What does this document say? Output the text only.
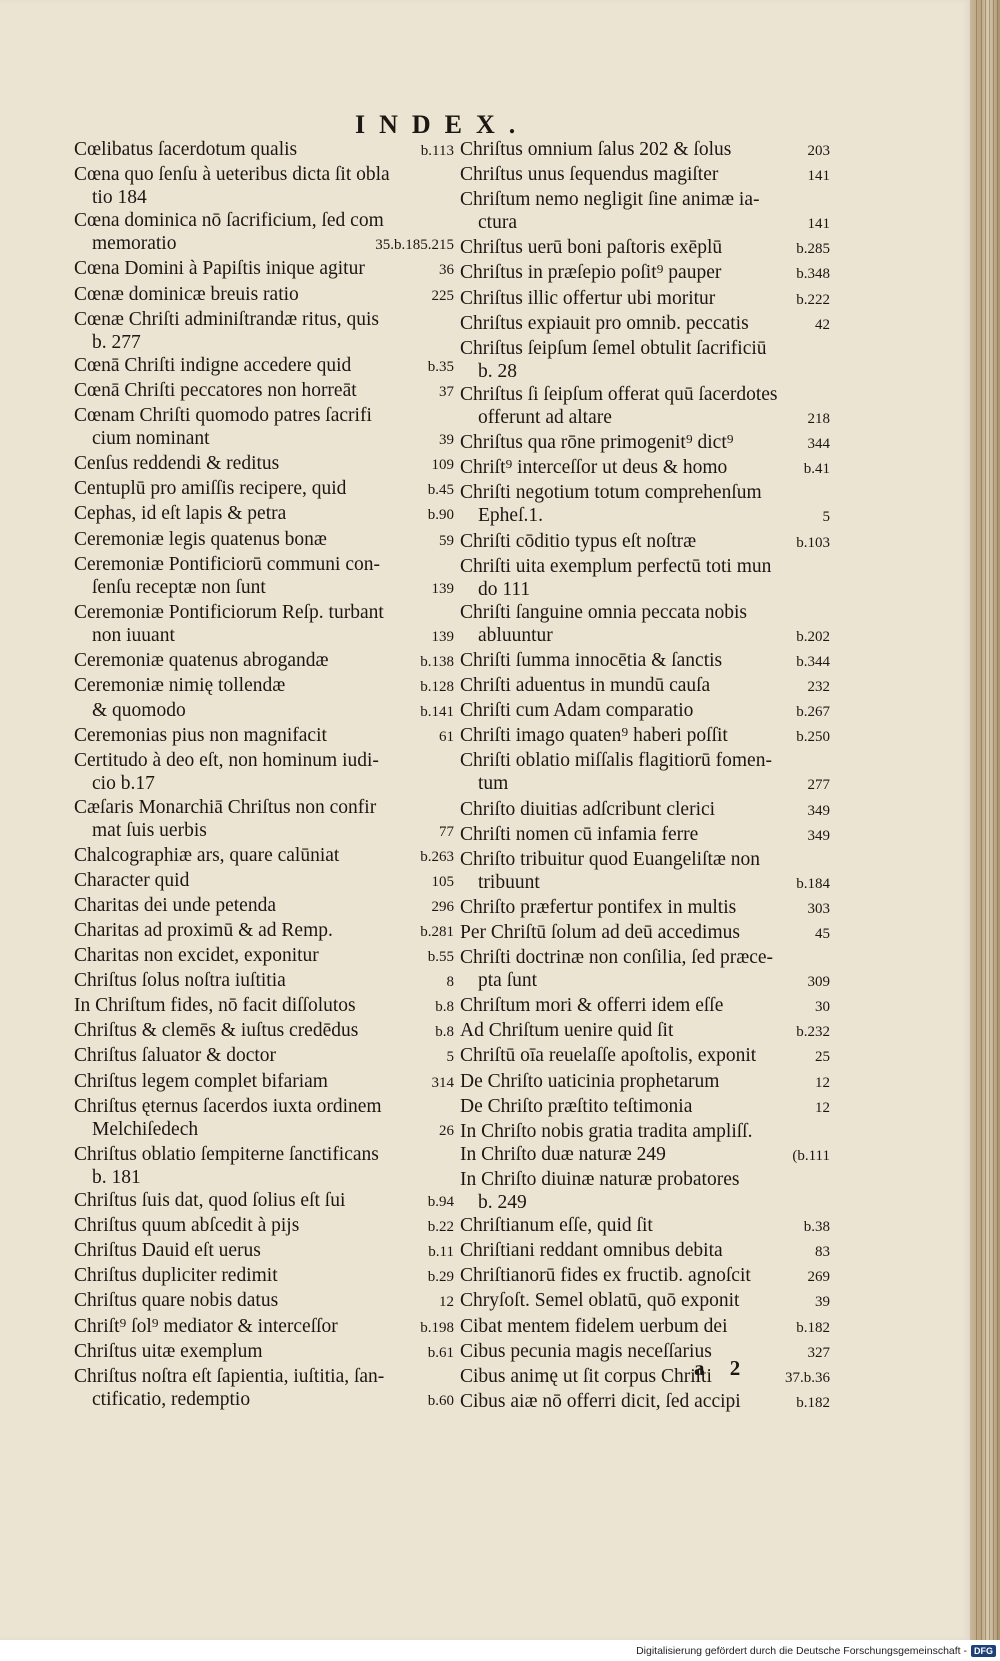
INDEX.
Cœlibatus ſacerdotum qualis	b.113
Cœna quo ſenſu à ueteribus dicta ſit obla
tio 184
Cœna dominica nō ſacrificium, ſed com
memoratio	35.b.185.215
Cœna Domini à Papiſtis inique agitur	36
Cœnæ dominicæ breuis ratio	225
Cœnæ Chriſti adminiſtrandæ ritus, quis
b. 277
Cœnā Chriſti indigne accedere quid	b.35
Cœnā Chriſti peccatores non horreāt	37
Cœnam Chriſti quomodo patres ſacrifi
cium nominant	39
Cenſus reddendi & reditus	109
Centuplū pro amiſſis recipere, quid	b.45
Cephas, id eſt lapis & petra	b.90
Ceremoniæ legis quatenus bonæ	59
Ceremoniæ Pontificiorū communi con-
ſenſu receptæ non ſunt	139
Ceremoniæ Pontificiorum Reſp. turbant
non iuuant	139
Ceremoniæ quatenus abrogandæ	b.138
Ceremoniæ nimię tollendæ	b.128
& quomodo	b.141
Ceremonias pius non magnifacit	61
Certitudo à deo eſt, non hominum iudi-
cio b.17
Cæſaris Monarchiā Chriſtus non confir
mat ſuis uerbis	77
Chalcographiæ ars, quare calūniat	b.263
Character quid	105
Charitas dei unde petenda	296
Charitas ad proximū & ad Remp.	b.281
Charitas non excidet, exponitur	b.55
Chriſtus ſolus noſtra iuſtitia	8
In Chriſtum fides, nō facit diſſolutos	b.8
Chriſtus & clemēs & iuſtus credēdus	b.8
Chriſtus ſaluator & doctor	5
Chriſtus legem complet bifariam	314
Chriſtus ęternus ſacerdos iuxta ordinem
Melchiſedech	26
Chriſtus oblatio ſempiterne ſanctificans
b. 181
Chriſtus ſuis dat, quod ſolius eſt ſui	b.94
Chriſtus quum abſcedit à pijs	b.22
Chriſtus Dauid eſt uerus	b.11
Chriſtus dupliciter redimit	b.29
Chriſtus quare nobis datus	12
Chriſt⁹ ſol⁹ mediator & interceſſor	b.198
Chriſtus uitæ exemplum	b.61
Chriſtus noſtra eſt ſapientia, iuſtitia, ſan-
ctificatio, redemptio	b.60
Chriſtus omnium ſalus 202 & ſolus	203
Chriſtus unus ſequendus magiſter	141
Chriſtum nemo negligit ſine animæ ia-
ctura	141
Chriſtus uerū boni paſtoris exēplū	b.285
Chriſtus in præſepio poſit⁹ pauper	b.348
Chriſtus illic offertur ubi moritur	b.222
Chriſtus expiauit pro omnib. peccatis	42
Chriſtus ſeipſum ſemel obtulit ſacrificiū
b. 28
Chriſtus ſi ſeipſum offerat quū ſacerdotes
offerunt ad altare	218
Chriſtus qua rōne primogenit⁹ dict⁹	344
Chriſt⁹ interceſſor ut deus & homo	b.41
Chriſti negotium totum comprehenſum
Epheſ.1.	5
Chriſti cōditio typus eſt noſtræ	b.103
Chriſti uita exemplum perfectū toti mun
do 111
Chriſti ſanguine omnia peccata nobis
abluuntur	b.202
Chriſti ſumma innocētia & ſanctis	b.344
Chriſti aduentus in mundū cauſa	232
Chriſti cum Adam comparatio	b.267
Chriſti imago quaten⁹ haberi poſſit	b.250
Chriſti oblatio miſſalis flagitiorū fomen-
tum	277
Chriſto diuitias adſcribunt clerici	349
Chriſti nomen cū infamia ferre	349
Chriſto tribuitur quod Euangeliſtæ non
tribuunt	b.184
Chriſto præfertur pontifex in multis	303
Per Chriſtū ſolum ad deū accedimus	45
Chriſti doctrinæ non conſilia, ſed præce-
pta ſunt	309
Chriſtum mori & offerri idem eſſe	30
Ad Chriſtum uenire quid ſit	b.232
Chriſtū oīa reuelaſſe apoſtolis, exponit	25
De Chriſto uaticinia prophetarum	12
De Chriſto præſtito teſtimonia	12
In Chriſto nobis gratia tradita ampliſſ.
In Chriſto duæ naturæ 249	(b.111
In Chriſto diuinæ naturæ probatores
b. 249
Chriſtianum eſſe, quid ſit	b.38
Chriſtiani reddant omnibus debita	83
Chriſtianorū fides ex fructib. agnoſcit	269
Chryſoſt. Semel oblatū, quō exponit	39
Cibat mentem fidelem uerbum dei	b.182
Cibus pecunia magis neceſſarius	327
Cibus animę ut ſit corpus Chriſti	37.b.36
Cibus aiæ nō offerri dicit, ſed accipi	b.182
a 2
Digitalisierung gefördert durch die Deutsche Forschungsgemeinschaft - DFG
